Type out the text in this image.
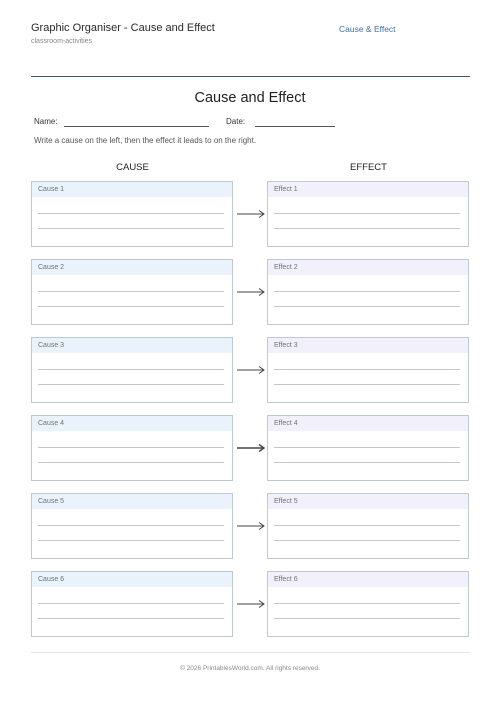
Graphic Organiser - Cause and Effect
classroom-activities
Cause & Effect
Cause and Effect
Name:	Date:
Write a cause on the left, then the effect it leads to on the right.
CAUSE	EFFECT
Cause 1	Effect 1
Cause 2	Effect 2
Cause 3	Effect 3
Cause 4	Effect 4
Cause 5	Effect 5
Cause 6	Effect 6
© 2026 PrintablesWorld.com. All rights reserved.
